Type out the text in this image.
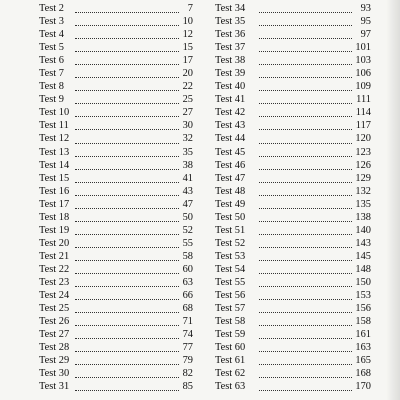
Test 2	7
Test 3	10
Test 4	12
Test 5	15
Test 6	17
Test 7	20
Test 8	22
Test 9	25
Test 10	27
Test 11	30
Test 12	32
Test 13	35
Test 14	38
Test 15	41
Test 16	43
Test 17	47
Test 18	50
Test 19	52
Test 20	55
Test 21	58
Test 22	60
Test 23	63
Test 24	66
Test 25	68
Test 26	71
Test 27	74
Test 28	77
Test 29	79
Test 30	82
Test 31	85
Test 34	93
Test 35	95
Test 36	97
Test 37	101
Test 38	103
Test 39	106
Test 40	109
Test 41	111
Test 42	114
Test 43	117
Test 44	120
Test 45	123
Test 46	126
Test 47	129
Test 48	132
Test 49	135
Test 50	138
Test 51	140
Test 52	143
Test 53	145
Test 54	148
Test 55	150
Test 56	153
Test 57	156
Test 58	158
Test 59	161
Test 60	163
Test 61	165
Test 62	168
Test 63	170
